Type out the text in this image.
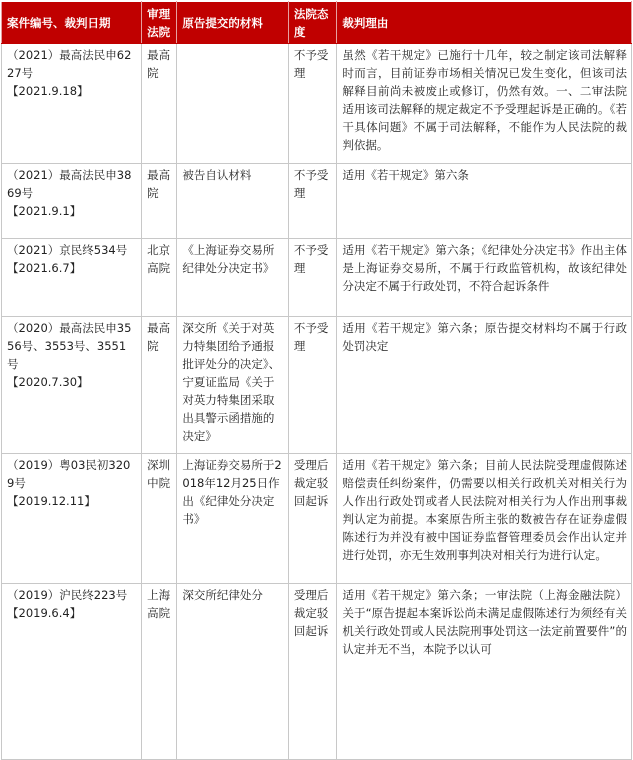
案件编号、裁判日期	审理法院	原告提交的材料	法院态度	裁判理由

（2021）最高法民申6227号
【2021.9.18】	最高院		不予受理	虽然《若干规定》已施行十几年，较之制定该司法解释时而言，目前证券市场相关情况已发生变化，但该司法解释目前尚未被废止或修订，仍然有效。一、二审法院适用该司法解释的规定裁定不予受理起诉是正确的。《若干具体问题》不属于司法解释，不能作为人民法院的裁判依据。

（2021）最高法民申3869号
【2021.9.1】	最高院	被告自认材料	不予受理	适用《若干规定》第六条

（2021）京民终534号
【2021.6.7】	北京高院	《上海证券交易所纪律处分决定书》	不予受理	适用《若干规定》第六条；《纪律处分决定书》作出主体是上海证券交易所，不属于行政监管机构，故该纪律处分决定不属于行政处罚，不符合起诉条件

（2020）最高法民申3556号、3553号、3551号
【2020.7.30】	最高院	深交所《关于对英力特集团给予通报批评处分的决定》、宁夏证监局《关于对英力特集团采取出具警示函措施的决定》	不予受理	适用《若干规定》第六条；原告提交材料均不属于行政处罚决定

（2019）粤03民初3209号
【2019.12.11】	深圳中院	上海证券交易所于2018年12月25日作出《纪律处分决定书》	受理后裁定驳回起诉	适用《若干规定》第六条；目前人民法院受理虚假陈述赔偿责任纠纷案件，仍需要以相关行政机关对相关行为人作出行政处罚或者人民法院对相关行为人作出刑事裁判认定为前提。本案原告所主张的数被告存在证券虚假陈述行为并没有被中国证券监督管理委员会作出认定并进行处罚，亦无生效刑事判决对相关行为进行认定。

（2019）沪民终223号
【2019.6.4】	上海高院	深交所纪律处分	受理后裁定驳回起诉	适用《若干规定》第六条；一审法院（上海金融法院）关于“原告提起本案诉讼尚未满足虚假陈述行为须经有关机关行政处罚或人民法院刑事处罚这一法定前置要件”的认定并无不当，本院予以认可
